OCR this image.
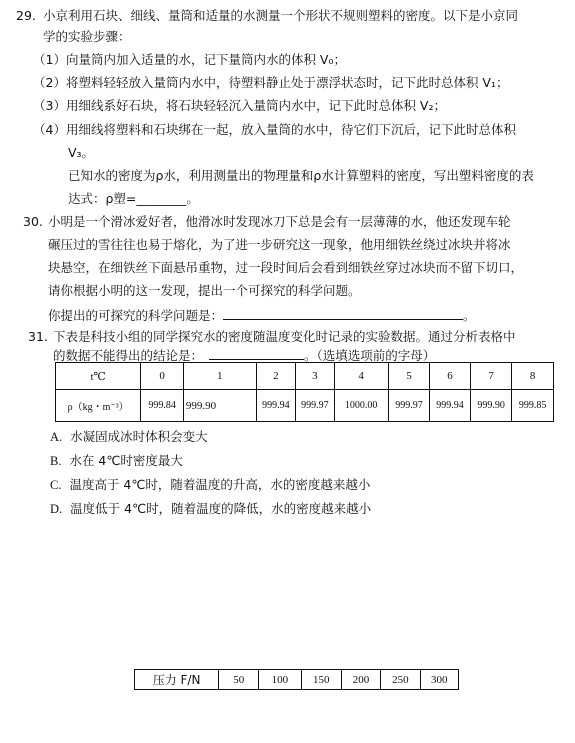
29. 小京利用石块、细线、量筒和适量的水测量一个形状不规则塑料的密度。以下是小京同
学的实验步骤：
（1）向量筒内加入适量的水，记下量筒内水的体积 V₀；
（2）将塑料轻轻放入量筒内水中，待塑料静止处于漂浮状态时，记下此时总体积 V₁；
（3）用细线系好石块，将石块轻轻沉入量筒内水中，记下此时总体积 V₂；
（4）用细线将塑料和石块绑在一起，放入量筒的水中，待它们下沉后，记下此时总体积
V₃。
已知水的密度为ρ水，利用测量出的物理量和ρ水计算塑料的密度，写出塑料密度的表
达式：ρ塑=________。
30. 小明是一个滑冰爱好者，他滑冰时发现冰刀下总是会有一层薄薄的水，他还发现车轮
碾压过的雪往往也易于熔化，为了进一步研究这一现象，他用细铁丝绕过冰块并将冰
块悬空，在细铁丝下面悬吊重物，过一段时间后会看到细铁丝穿过冰块而不留下切口，
请你根据小明的这一发现，提出一个可探究的科学问题。
你提出的可探究的科学问题是：	。
31. 下表是科技小组的同学探究水的密度随温度变化时记录的实验数据。通过分析表格中
的数据不能得出的结论是：	。（选填选项前的字母）
t℃	0	1	2	3	4	5	6	7	8
ρ（kg・m⁻³）	999.84	999.90	999.94	999.97	1000.00	999.97	999.94	999.90	999.85
A. 水凝固成冰时体积会变大
B. 水在 4℃时密度最大
C. 温度高于 4℃时，随着温度的升高，水的密度越来越小
D. 温度低于 4℃时，随着温度的降低，水的密度越来越小
压力 F/N	50	100	150	200	250	300
